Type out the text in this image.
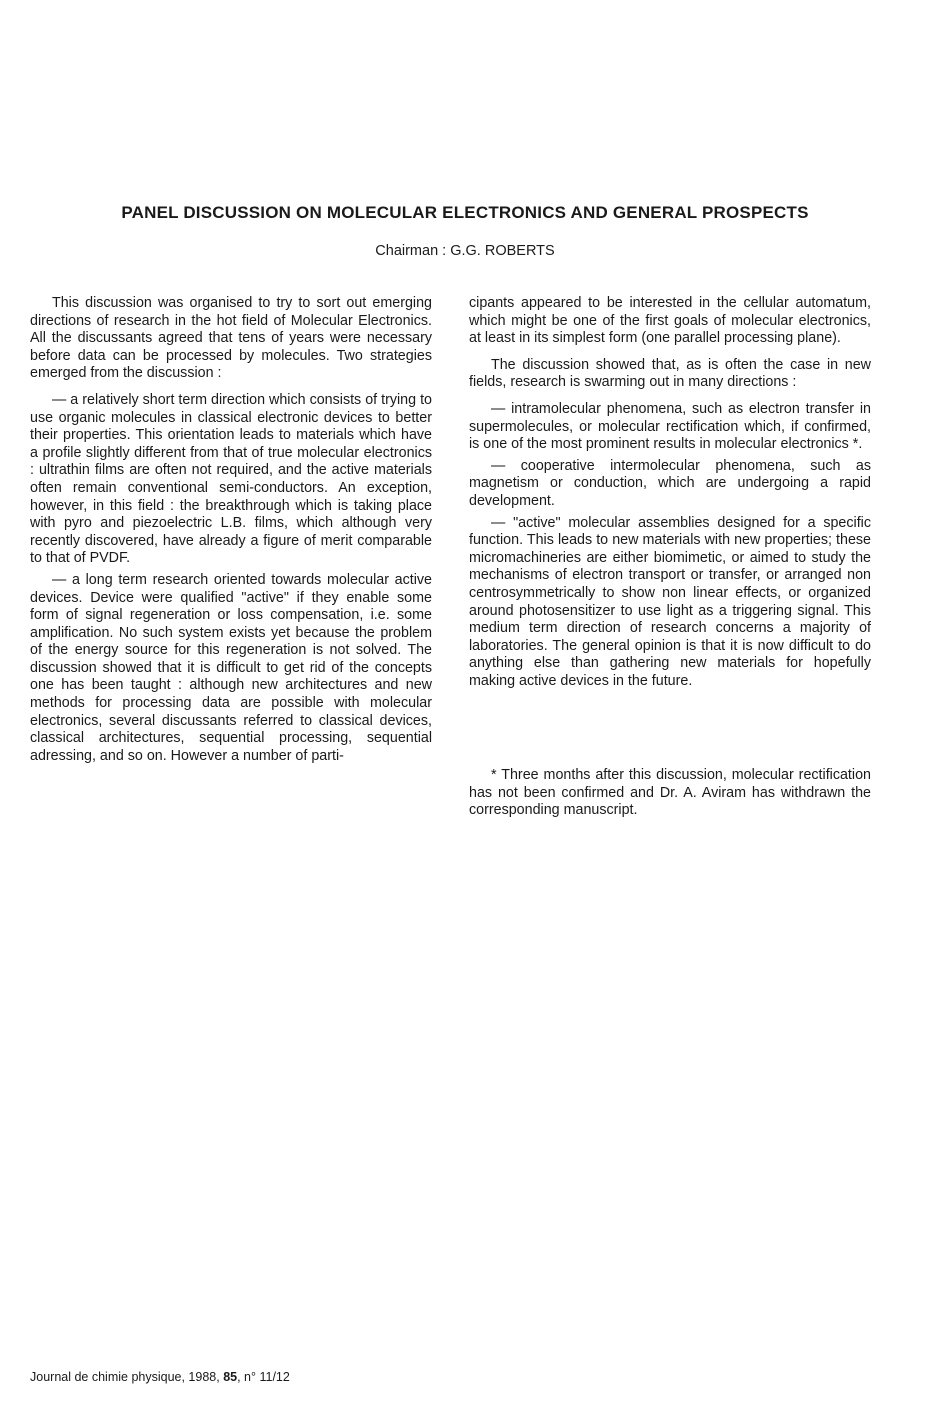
PANEL DISCUSSION ON MOLECULAR ELECTRONICS AND GENERAL PROSPECTS
Chairman : G.G. ROBERTS

This discussion was organised to try to sort out emerging directions of research in the hot field of Molecular Electronics. All the discussants agreed that tens of years were necessary before data can be processed by molecules. Two strategies emerged from the discussion :

— a relatively short term direction which consists of trying to use organic molecules in classical electronic devices to better their properties. This orientation leads to materials which have a profile slightly different from that of true molecular electronics : ultrathin films are often not required, and the active materials often remain conventional semi-conductors. An exception, however, in this field : the breakthrough which is taking place with pyro and piezoelectric L.B. films, which although very recently discovered, have already a figure of merit comparable to that of PVDF.

— a long term research oriented towards molecular active devices. Device were qualified "active" if they enable some form of signal regeneration or loss compensation, i.e. some amplification. No such system exists yet because the problem of the energy source for this regeneration is not solved. The discussion showed that it is difficult to get rid of the concepts one has been taught : although new architectures and new methods for processing data are possible with molecular electronics, several discussants referred to classical devices, classical architectures, sequential processing, sequential adressing, and so on. However a number of parti-

cipants appeared to be interested in the cellular automatum, which might be one of the first goals of molecular electronics, at least in its simplest form (one parallel processing plane).

The discussion showed that, as is often the case in new fields, research is swarming out in many directions :

— intramolecular phenomena, such as electron transfer in supermolecules, or molecular rectification which, if confirmed, is one of the most prominent results in molecular electronics *.

— cooperative intermolecular phenomena, such as magnetism or conduction, which are undergoing a rapid development.

— "active" molecular assemblies designed for a specific function. This leads to new materials with new properties; these micromachineries are either biomimetic, or aimed to study the mechanisms of electron transport or transfer, or arranged non centrosymmetrically to show non linear effects, or organized around photosensitizer to use light as a triggering signal. This medium term direction of research concerns a majority of laboratories. The general opinion is that it is now difficult to do anything else than gathering new materials for hopefully making active devices in the future.

* Three months after this discussion, molecular rectification has not been confirmed and Dr. A. Aviram has withdrawn the corresponding manuscript.

Journal de chimie physique, 1988, 85, n° 11/12
